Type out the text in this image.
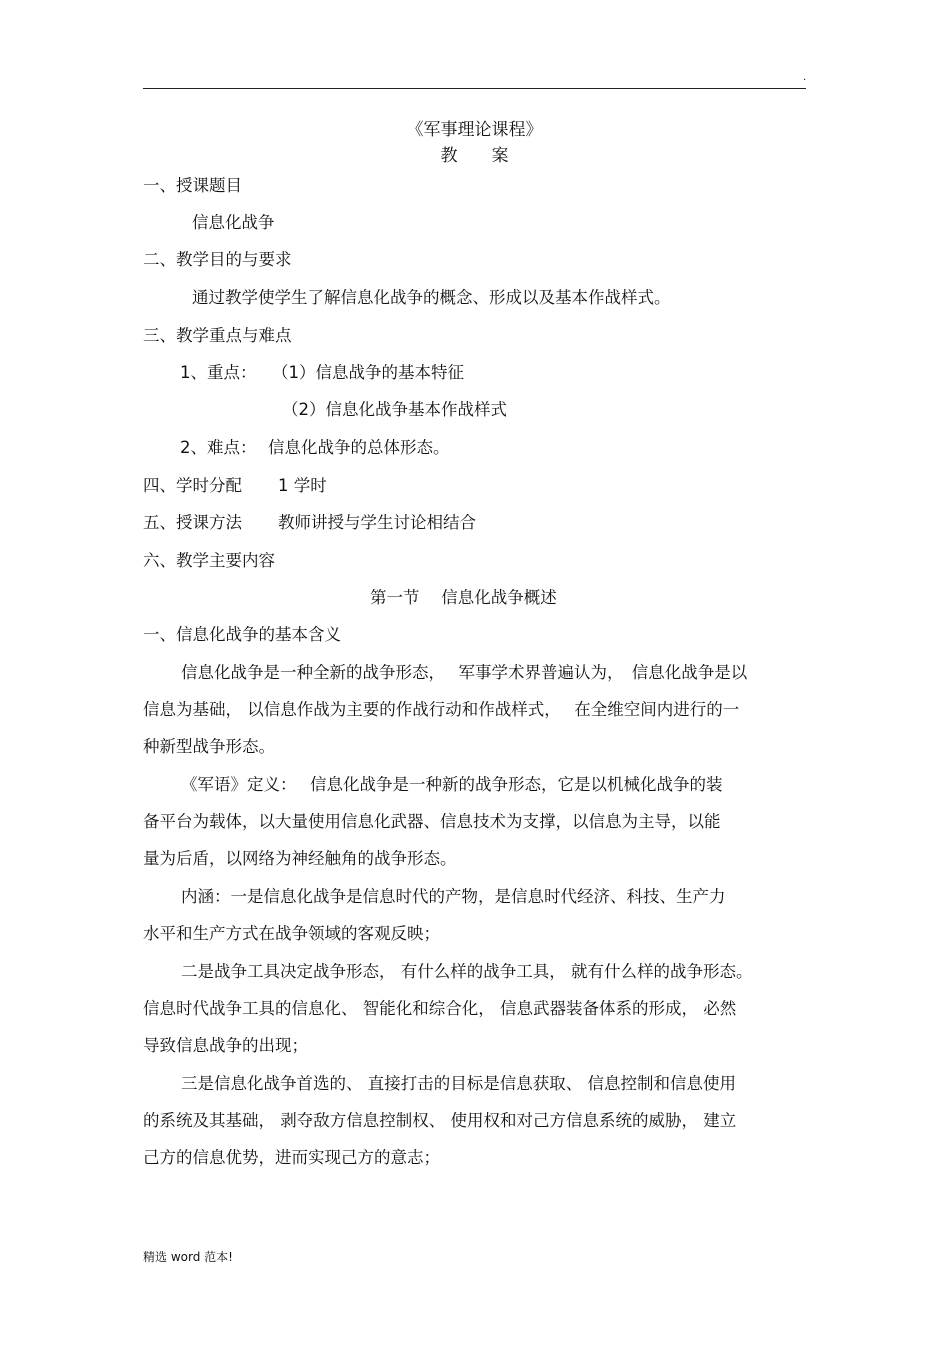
.
《军事理论课程》
教　　案
一、授课题目
信息化战争
二、教学目的与要求
通过教学使学生了解信息化战争的概念、形成以及基本作战样式。
三、教学重点与难点
1、重点： （1）信息战争的基本特征
（2）信息化战争基本作战样式
2、难点： 信息化战争的总体形态。
四、学时分配 1 学时
五、授课方法 教师讲授与学生讨论相结合
六、教学主要内容
第一节　 信息化战争概述
一、信息化战争的基本含义
信息化战争是一种全新的战争形态，　 军事学术界普遍认为，　信息化战争是以
信息为基础， 以信息作战为主要的作战行动和作战样式，　 在全维空间内进行的一
种新型战争形态。
《军语》定义：　 信息化战争是一种新的战争形态，它是以机械化战争的装
备平台为载体，以大量使用信息化武器、信息技术为支撑，以信息为主导，以能
量为后盾，以网络为神经触角的战争形态。
内涵：一是信息化战争是信息时代的产物，是信息时代经济、科技、生产力
水平和生产方式在战争领域的客观反映；
二是战争工具决定战争形态， 有什么样的战争工具， 就有什么样的战争形态。
信息时代战争工具的信息化、 智能化和综合化， 信息武器装备体系的形成， 必然
导致信息战争的出现；
三是信息化战争首选的、 直接打击的目标是信息获取、 信息控制和信息使用
的系统及其基础， 剥夺敌方信息控制权、 使用权和对己方信息系统的威胁， 建立
己方的信息优势，进而实现己方的意志；
精选 word 范本!
